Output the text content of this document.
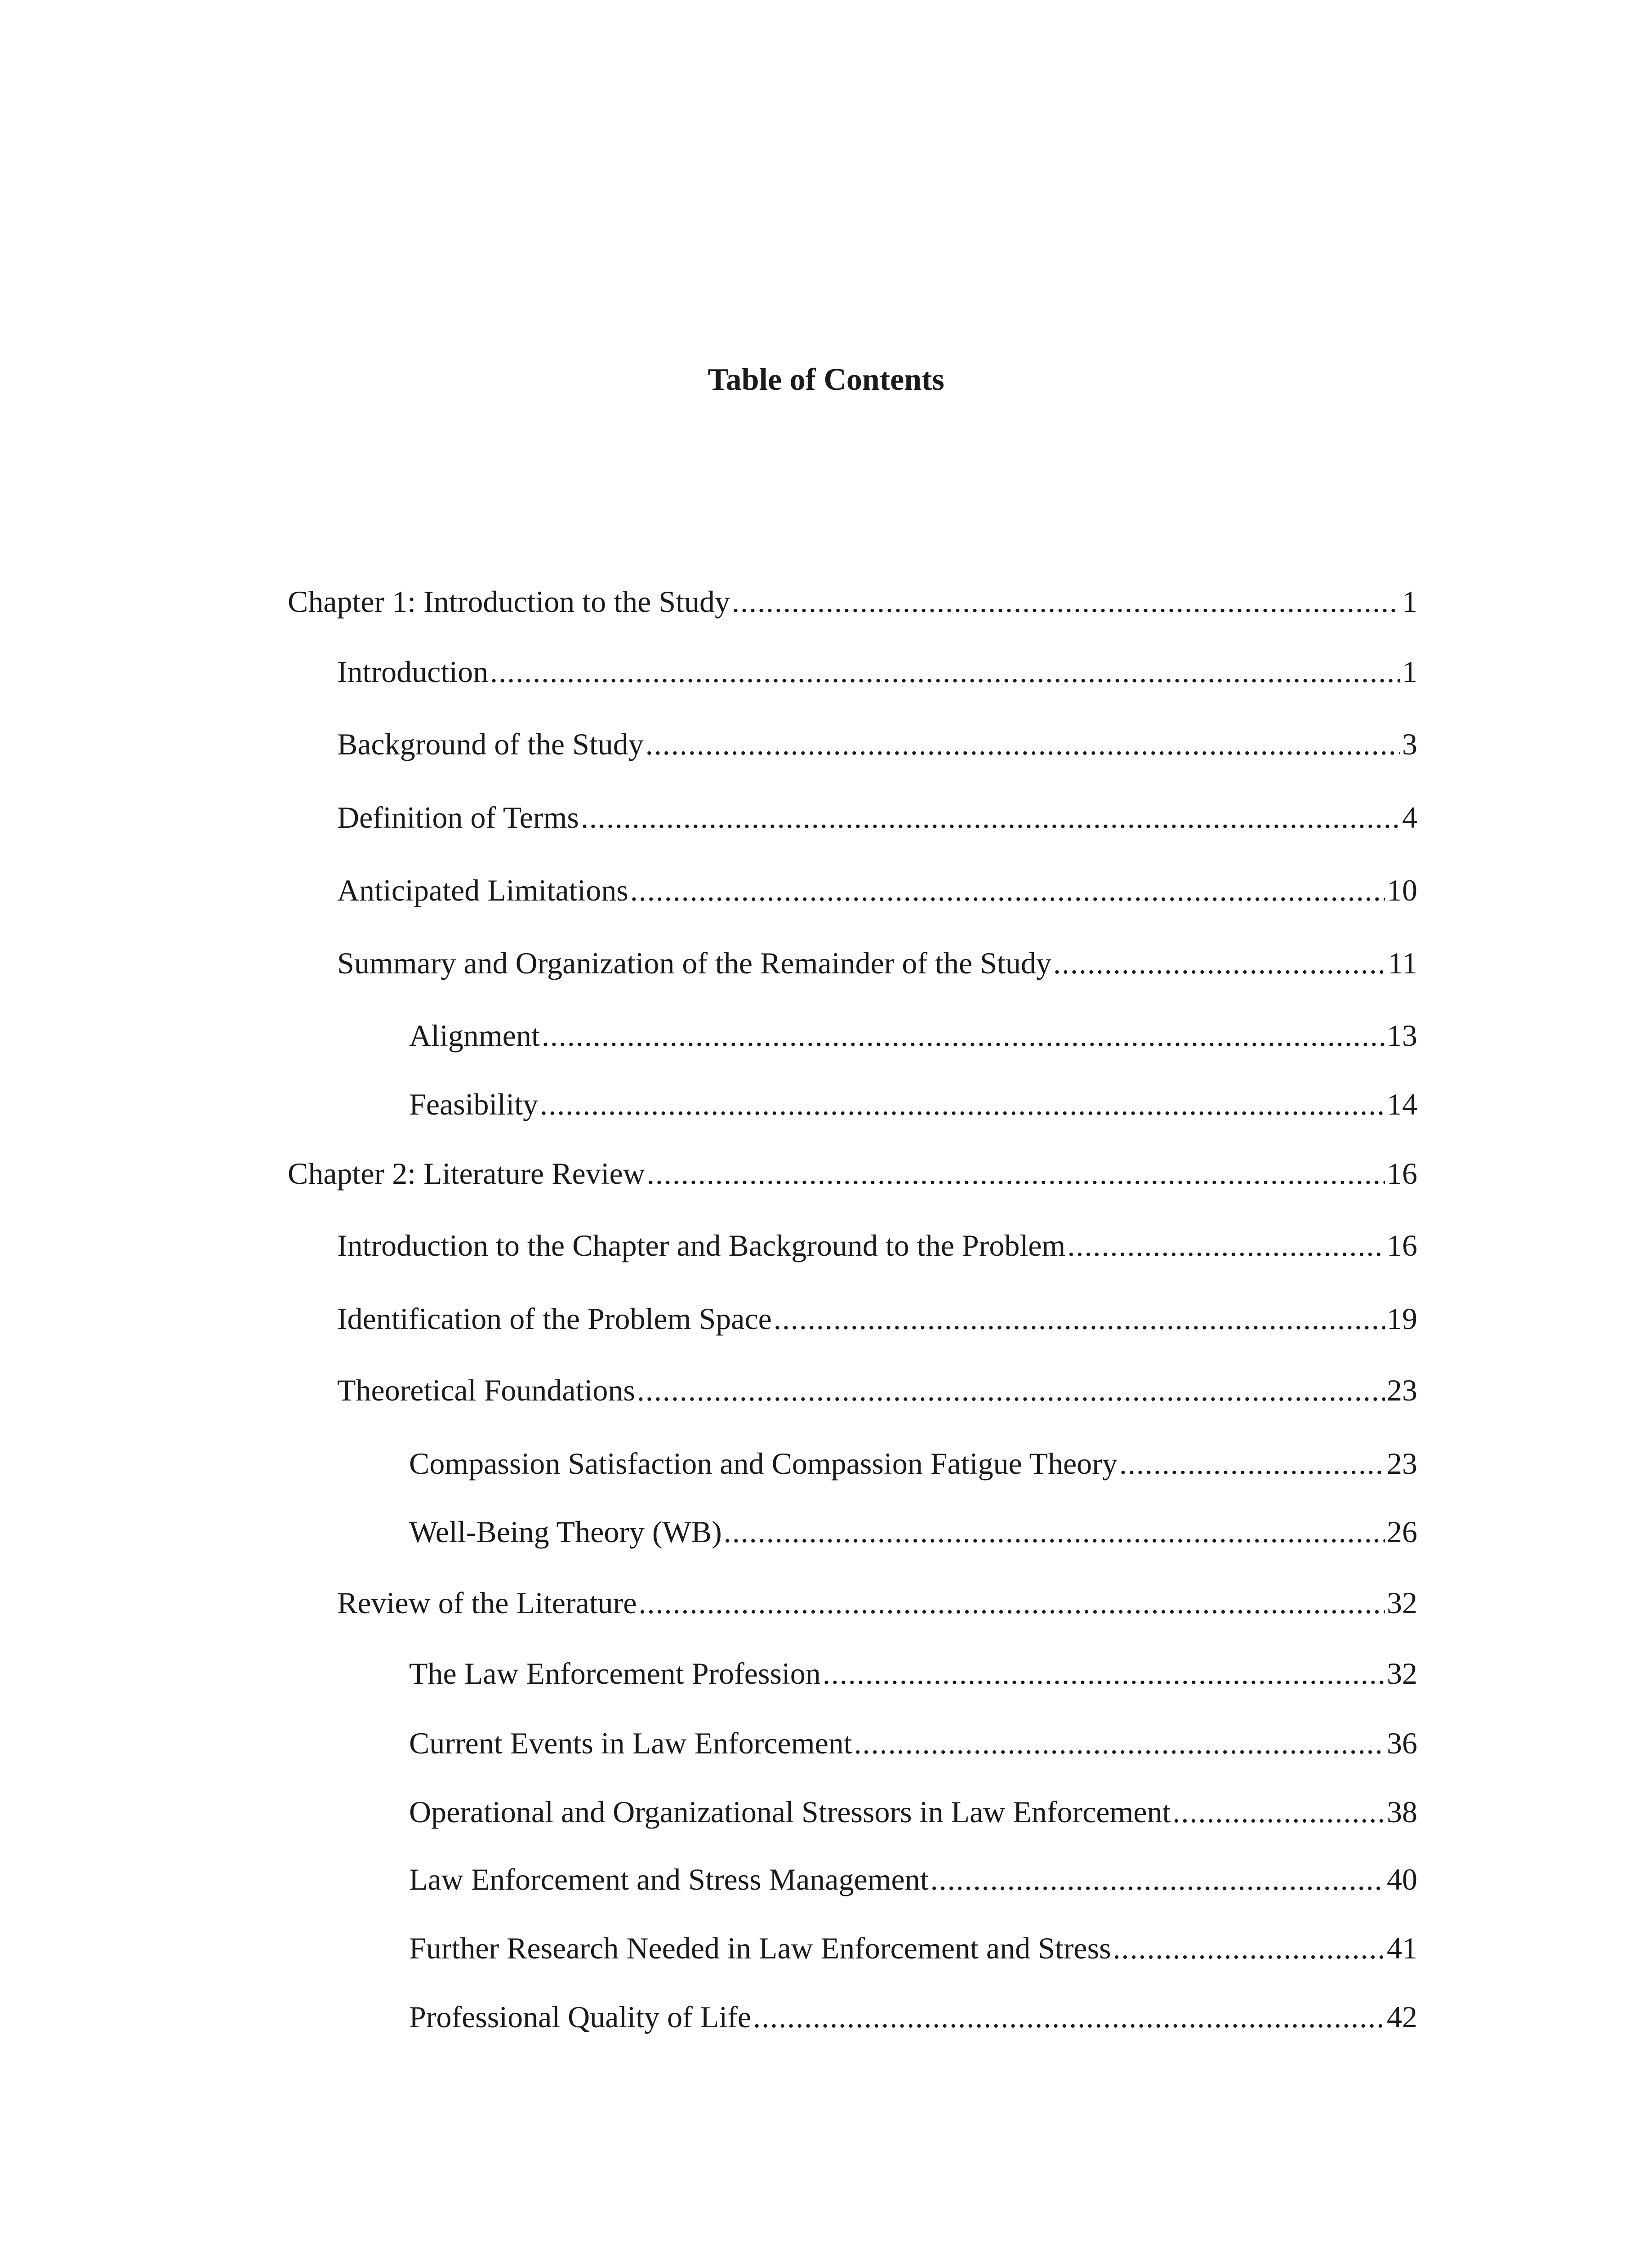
Table of Contents
Chapter 1: Introduction to the Study .....	1
Introduction .....	1
Background of the Study .....	3
Definition of Terms .....	4
Anticipated Limitations .....	10
Summary and Organization of the Remainder of the Study .....	11
Alignment .....	13
Feasibility .....	14
Chapter 2: Literature Review .....	16
Introduction to the Chapter and Background to the Problem .....	16
Identification of the Problem Space .....	19
Theoretical Foundations .....	23
Compassion Satisfaction and Compassion Fatigue Theory .....	23
Well-Being Theory (WB) .....	26
Review of the Literature .....	32
The Law Enforcement Profession .....	32
Current Events in Law Enforcement .....	36
Operational and Organizational Stressors in Law Enforcement .....	38
Law Enforcement and Stress Management .....	40
Further Research Needed in Law Enforcement and Stress .....	41
Professional Quality of Life .....	42
